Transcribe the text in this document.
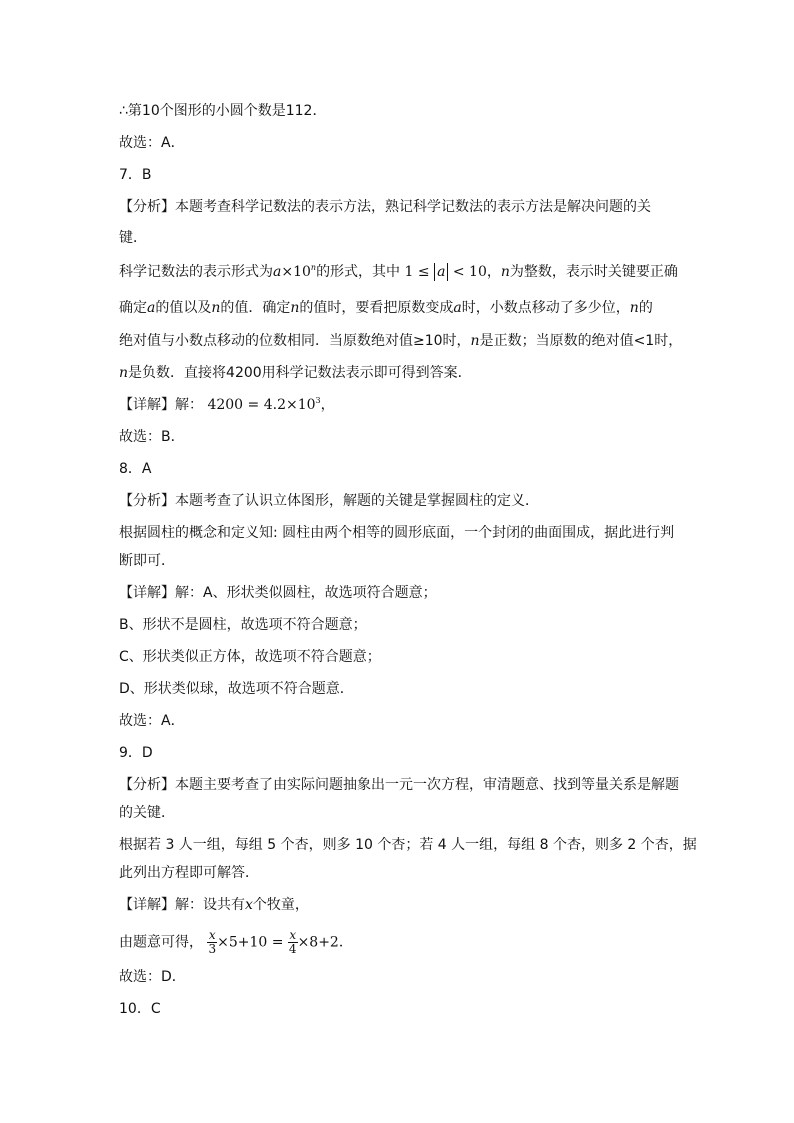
∴第10个图形的小圆个数是112．
故选：A．
7．B
【分析】本题考查科学记数法的表示方法，熟记科学记数法的表示方法是解决问题的关
键．
科学记数法的表示形式为$a\times 10^n$的形式，其中 1 ≤ a < 10，n为整数，表示时关键要正确
确定a的值以及n的值．确定n的值时，要看把原数变成a时，小数点移动了多少位，n的
绝对值与小数点移动的位数相同．当原数绝对值≥10时，n是正数；当原数的绝对值<1时，
n是负数．直接将4200用科学记数法表示即可得到答案．
【详解】解： $4200 = 4.2\times 10^3$，
故选：B．
8．A
【分析】本题考查了认识立体图形，解题的关键是掌握圆柱的定义．
根据圆柱的概念和定义知: 圆柱由两个相等的圆形底面，一个封闭的曲面围成，据此进行判
断即可．
【详解】解：A、形状类似圆柱，故选项符合题意；
B、形状不是圆柱，故选项不符合题意；
C、形状类似正方体，故选项不符合题意；
D、形状类似球，故选项不符合题意．
故选：A．
9．D
【分析】本题主要考查了由实际问题抽象出一元一次方程，审清题意、找到等量关系是解题
的关键．
根据若 3 人一组，每组 5 个杏，则多 10 个杏；若 4 人一组，每组 8 个杏，则多 2 个杏，据
此列出方程即可解答．
【详解】解：设共有x个牧童，
由题意可得， $\frac{x}{3} \times 5+10 = \frac{x}{4} \times 8+2$．
故选：D．
10．C
